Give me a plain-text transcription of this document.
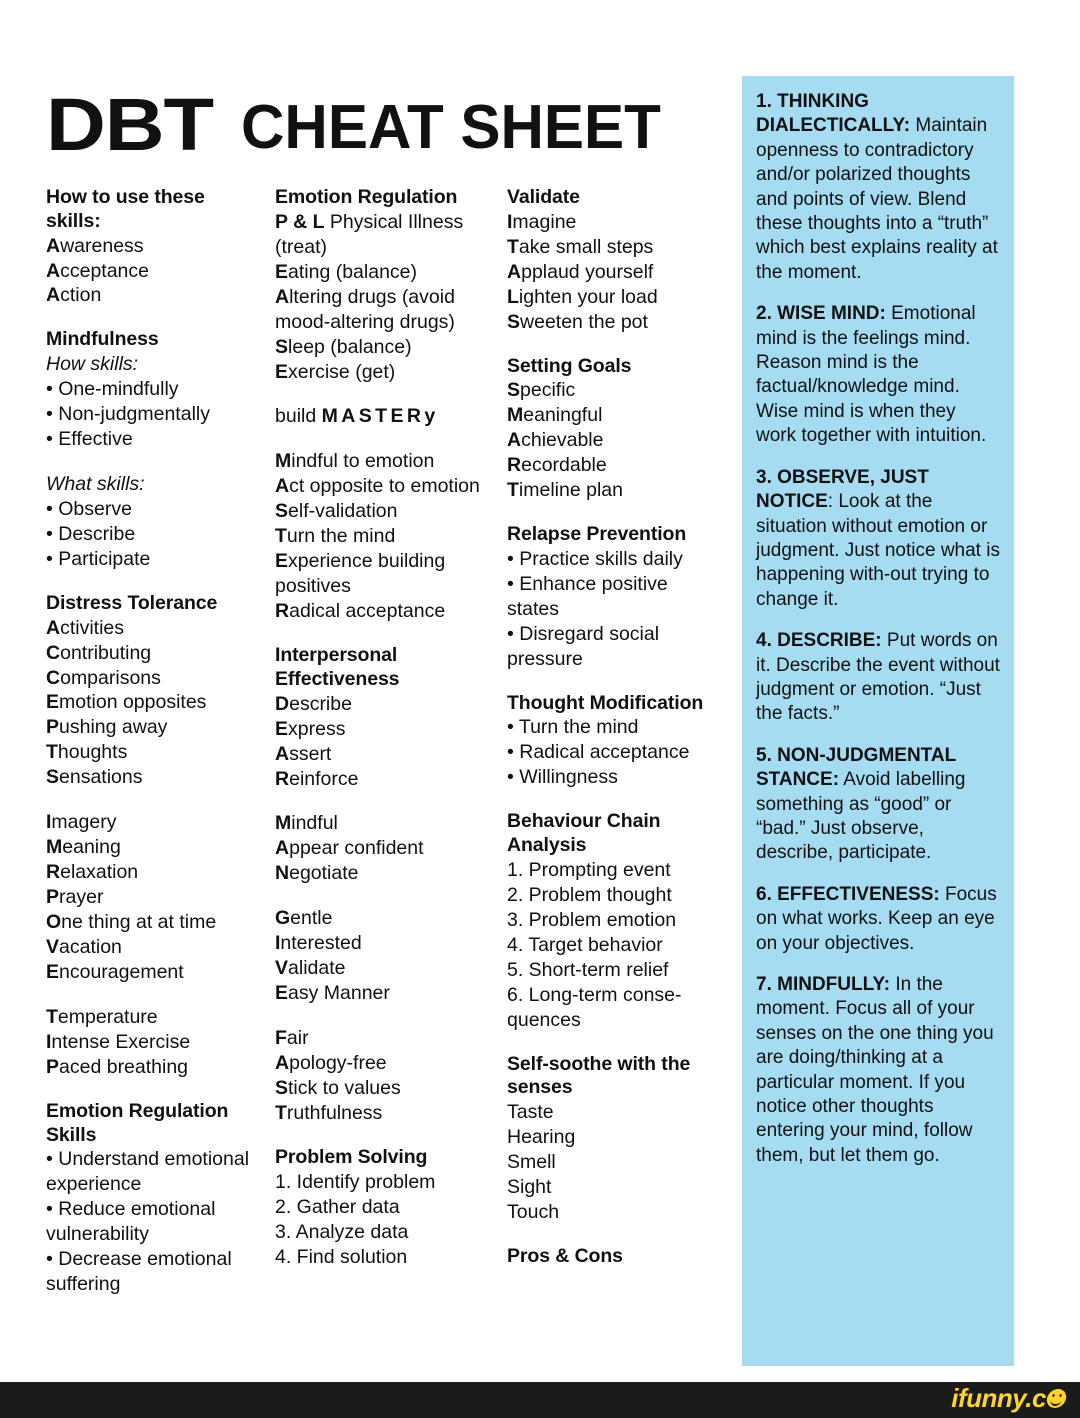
DBT CHEAT SHEET
How to use these skills:
Awareness
Acceptance
Action
Mindfulness
How skills:
• One-mindfully
• Non-judgmentally
• Effective
What skills:
• Observe
• Describe
• Participate
Distress Tolerance
Activities
Contributing
Comparisons
Emotion opposites
Pushing away
Thoughts
Sensations
Imagery
Meaning
Relaxation
Prayer
One thing at at time
Vacation
Encouragement
Temperature
Intense Exercise
Paced breathing
Emotion Regulation Skills
• Understand emotional experience
• Reduce emotional vulnerability
• Decrease emotional suffering
Emotion Regulation
P & L Physical Illness (treat)
Eating (balance)
Altering drugs (avoid mood-altering drugs)
Sleep (balance)
Exercise (get)
build MASTERy
Mindful to emotion
Act opposite to emotion
Self-validation
Turn the mind
Experience building positives
Radical acceptance
Interpersonal Effectiveness
Describe
Express
Assert
Reinforce
Mindful
Appear confident
Negotiate
Gentle
Interested
Validate
Easy Manner
Fair
Apology-free
Stick to values
Truthfulness
Problem Solving
1. Identify problem
2. Gather data
3. Analyze data
4. Find solution
Validate
Imagine
Take small steps
Applaud yourself
Lighten your load
Sweeten the pot
Setting Goals
Specific
Meaningful
Achievable
Recordable
Timeline plan
Relapse Prevention
• Practice skills daily
• Enhance positive states
• Disregard social pressure
Thought Modification
• Turn the mind
• Radical acceptance
• Willingness
Behaviour Chain Analysis
1. Prompting event
2. Problem thought
3. Problem emotion
4. Target behavior
5. Short-term relief
6. Long-term conse-quences
Self-soothe with the senses
Taste
Hearing
Smell
Sight
Touch
Pros & Cons
1. THINKING DIALECTICALLY: Maintain openness to contradictory and/or polarized thoughts and points of view. Blend these thoughts into a “truth” which best explains reality at the moment.
2. WISE MIND: Emotional mind is the feelings mind. Reason mind is the factual/knowledge mind. Wise mind is when they work together with intuition.
3. OBSERVE, JUST NOTICE: Look at the situation without emotion or judgment. Just notice what is happening with-out trying to change it.
4. DESCRIBE: Put words on it. Describe the event without judgment or emotion. “Just the facts.”
5. NON-JUDGMENTAL STANCE: Avoid labelling something as “good” or “bad.” Just observe, describe, participate.
6. EFFECTIVENESS: Focus on what works. Keep an eye on your objectives.
7. MINDFULLY: In the moment. Focus all of your senses on the one thing you are doing/thinking at a particular moment. If you notice other thoughts entering your mind, follow them, but let them go.
ifunny.c
